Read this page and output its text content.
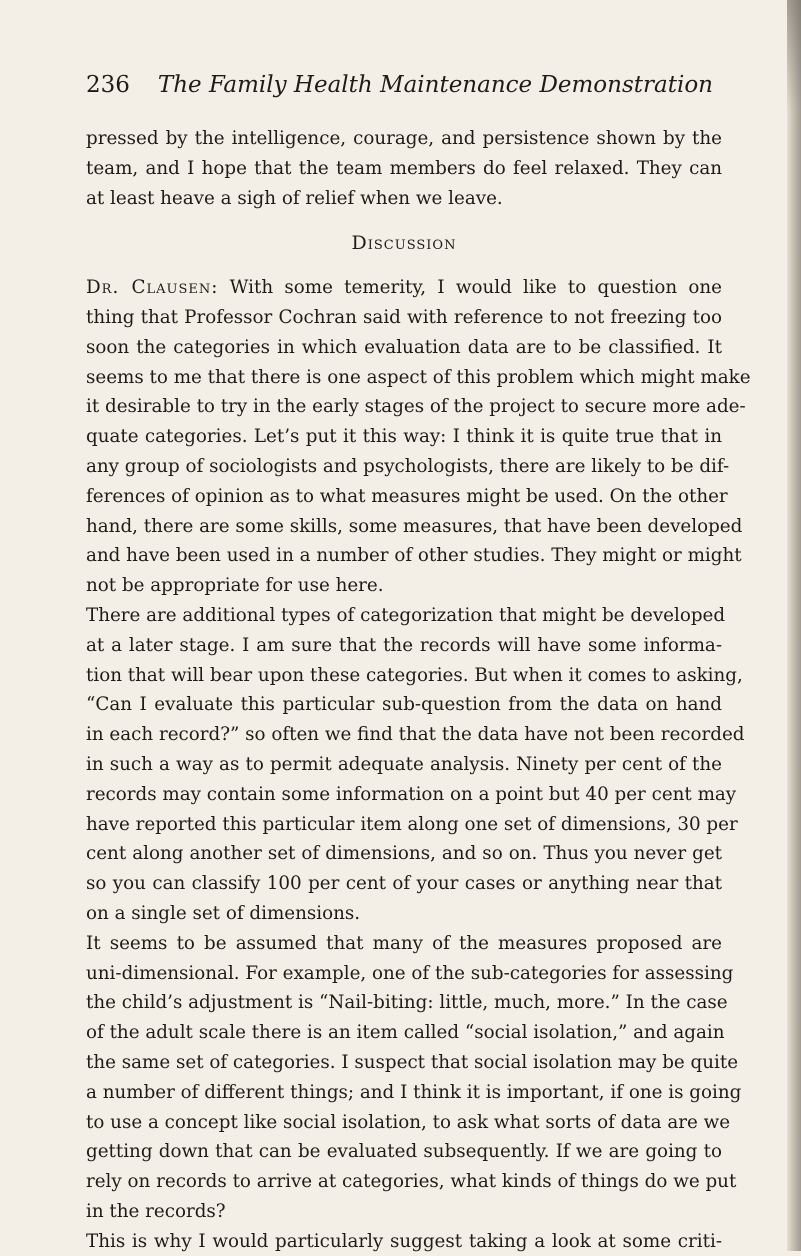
236 The Family Health Maintenance Demonstration
pressed by the intelligence, courage, and persistence shown by the
team, and I hope that the team members do feel relaxed. They can
at least heave a sigh of relief when we leave.
Discussion
Dr. Clausen: With some temerity, I would like to question one
thing that Professor Cochran said with reference to not freezing too
soon the categories in which evaluation data are to be classified. It
seems to me that there is one aspect of this problem which might make
it desirable to try in the early stages of the project to secure more ade-
quate categories. Let’s put it this way: I think it is quite true that in
any group of sociologists and psychologists, there are likely to be dif-
ferences of opinion as to what measures might be used. On the other
hand, there are some skills, some measures, that have been developed
and have been used in a number of other studies. They might or might
not be appropriate for use here.
There are additional types of categorization that might be developed
at a later stage. I am sure that the records will have some informa-
tion that will bear upon these categories. But when it comes to asking,
“Can I evaluate this particular sub-question from the data on hand
in each record?” so often we find that the data have not been recorded
in such a way as to permit adequate analysis. Ninety per cent of the
records may contain some information on a point but 40 per cent may
have reported this particular item along one set of dimensions, 30 per
cent along another set of dimensions, and so on. Thus you never get
so you can classify 100 per cent of your cases or anything near that
on a single set of dimensions.
It seems to be assumed that many of the measures proposed are
uni-dimensional. For example, one of the sub-categories for assessing
the child’s adjustment is “Nail-biting: little, much, more.” In the case
of the adult scale there is an item called “social isolation,” and again
the same set of categories. I suspect that social isolation may be quite
a number of different things; and I think it is important, if one is going
to use a concept like social isolation, to ask what sorts of data are we
getting down that can be evaluated subsequently. If we are going to
rely on records to arrive at categories, what kinds of things do we put
in the records?
This is why I would particularly suggest taking a look at some criti-
